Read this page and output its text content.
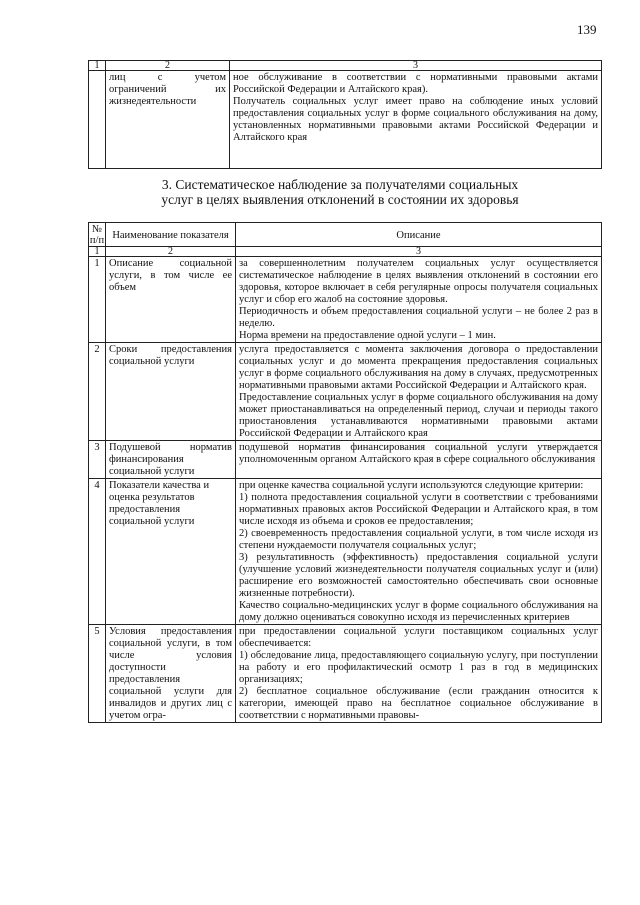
139
1	2	3
	лиц с учетом ограничений их жизнедеятельности	ное обслуживание в соответствии с нормативными правовыми актами Российской Федерации и Алтайского края).
Получатель социальных услуг имеет право на соблюдение иных условий предоставления социальных услуг в форме социального обслуживания на дому, установленных нормативными правовыми актами Российской Федерации и Алтайского края
3. Систематическое наблюдение за получателями социальных
услуг в целях выявления отклонений в состоянии их здоровья
№ п/п	Наименование показателя	Описание
1	2	3
1	Описание социальной услуги, в том числе ее объем	за совершеннолетним получателем социальных услуг осуществляется систематическое наблюдение в целях выявления отклонений в состоянии его здоровья, которое включает в себя регулярные опросы получателя социальных услуг и сбор его жалоб на состояние здоровья.
Периодичность и объем предоставления социальной услуги – не более 2 раз в неделю.
Норма времени на предоставление одной услуги – 1 мин.

2	Сроки предоставления социальной услуги	услуга предоставляется с момента заключения договора о предоставлении социальных услуг и до момента прекращения предоставления социальных услуг в форме социального обслуживания на дому в случаях, предусмотренных нормативными правовыми актами Российской Федерации и Алтайского края.
Предоставление социальных услуг в форме социального обслуживания на дому может приостанавливаться на определенный период, случаи и периоды такого приостановления устанавливаются нормативными правовыми актами Российской Федерации и Алтайского края

3	Подушевой норматив финансирования социальной услуги	подушевой норматив финансирования социальной услуги утверждается уполномоченным органом Алтайского края в сфере социального обслуживания

4	Показатели качества и оценка результатов предоставления социальной услуги	при оценке качества социальной услуги используются следующие критерии:
1) полнота предоставления социальной услуги в соответствии с требованиями нормативных правовых актов Российской Федерации и Алтайского края, в том числе исходя из объема и сроков ее предоставления;
2) своевременность предоставления социальной услуги, в том числе исходя из степени нуждаемости получателя социальных услуг;
3) результативность (эффективность) предоставления социальной услуги (улучшение условий жизнедеятельности получателя социальных услуг и (или) расширение его возможностей самостоятельно обеспечивать свои основные жизненные потребности).
Качество социально-медицинских услуг в форме социального обслуживания на дому должно оцениваться совокупно исходя из перечисленных критериев

5	Условия предоставления социальной услуги, в том числе условия доступности предоставления социальной услуги для инвалидов и других лиц с учетом огра-	при предоставлении социальной услуги поставщиком социальных услуг обеспечивается:
1) обследование лица, предоставляющего социальную услугу, при поступлении на работу и его профилактический осмотр 1 раз в год в медицинских организациях;
2) бесплатное социальное обслуживание (если гражданин относится к категории, имеющей право на бесплатное социальное обслуживание в соответствии с нормативными правовы-
